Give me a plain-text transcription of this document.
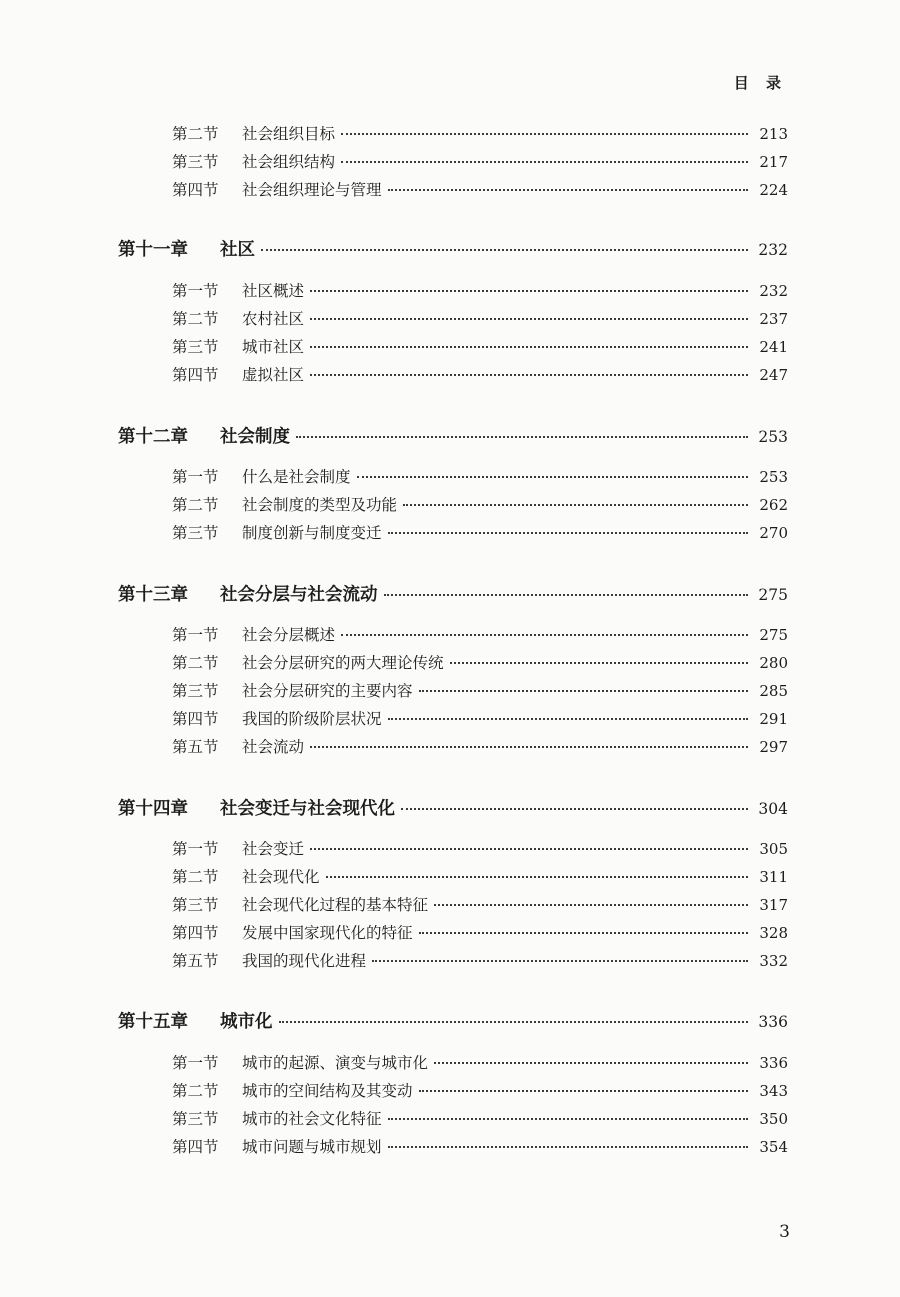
目 录
第二节	社会组织目标	213
第三节	社会组织结构	217
第四节	社会组织理论与管理	224
第十一章	社区	232
第一节	社区概述	232
第二节	农村社区	237
第三节	城市社区	241
第四节	虚拟社区	247
第十二章	社会制度	253
第一节	什么是社会制度	253
第二节	社会制度的类型及功能	262
第三节	制度创新与制度变迁	270
第十三章	社会分层与社会流动	275
第一节	社会分层概述	275
第二节	社会分层研究的两大理论传统	280
第三节	社会分层研究的主要内容	285
第四节	我国的阶级阶层状况	291
第五节	社会流动	297
第十四章	社会变迁与社会现代化	304
第一节	社会变迁	305
第二节	社会现代化	311
第三节	社会现代化过程的基本特征	317
第四节	发展中国家现代化的特征	328
第五节	我国的现代化进程	332
第十五章	城市化	336
第一节	城市的起源、演变与城市化	336
第二节	城市的空间结构及其变动	343
第三节	城市的社会文化特征	350
第四节	城市问题与城市规划	354
3
